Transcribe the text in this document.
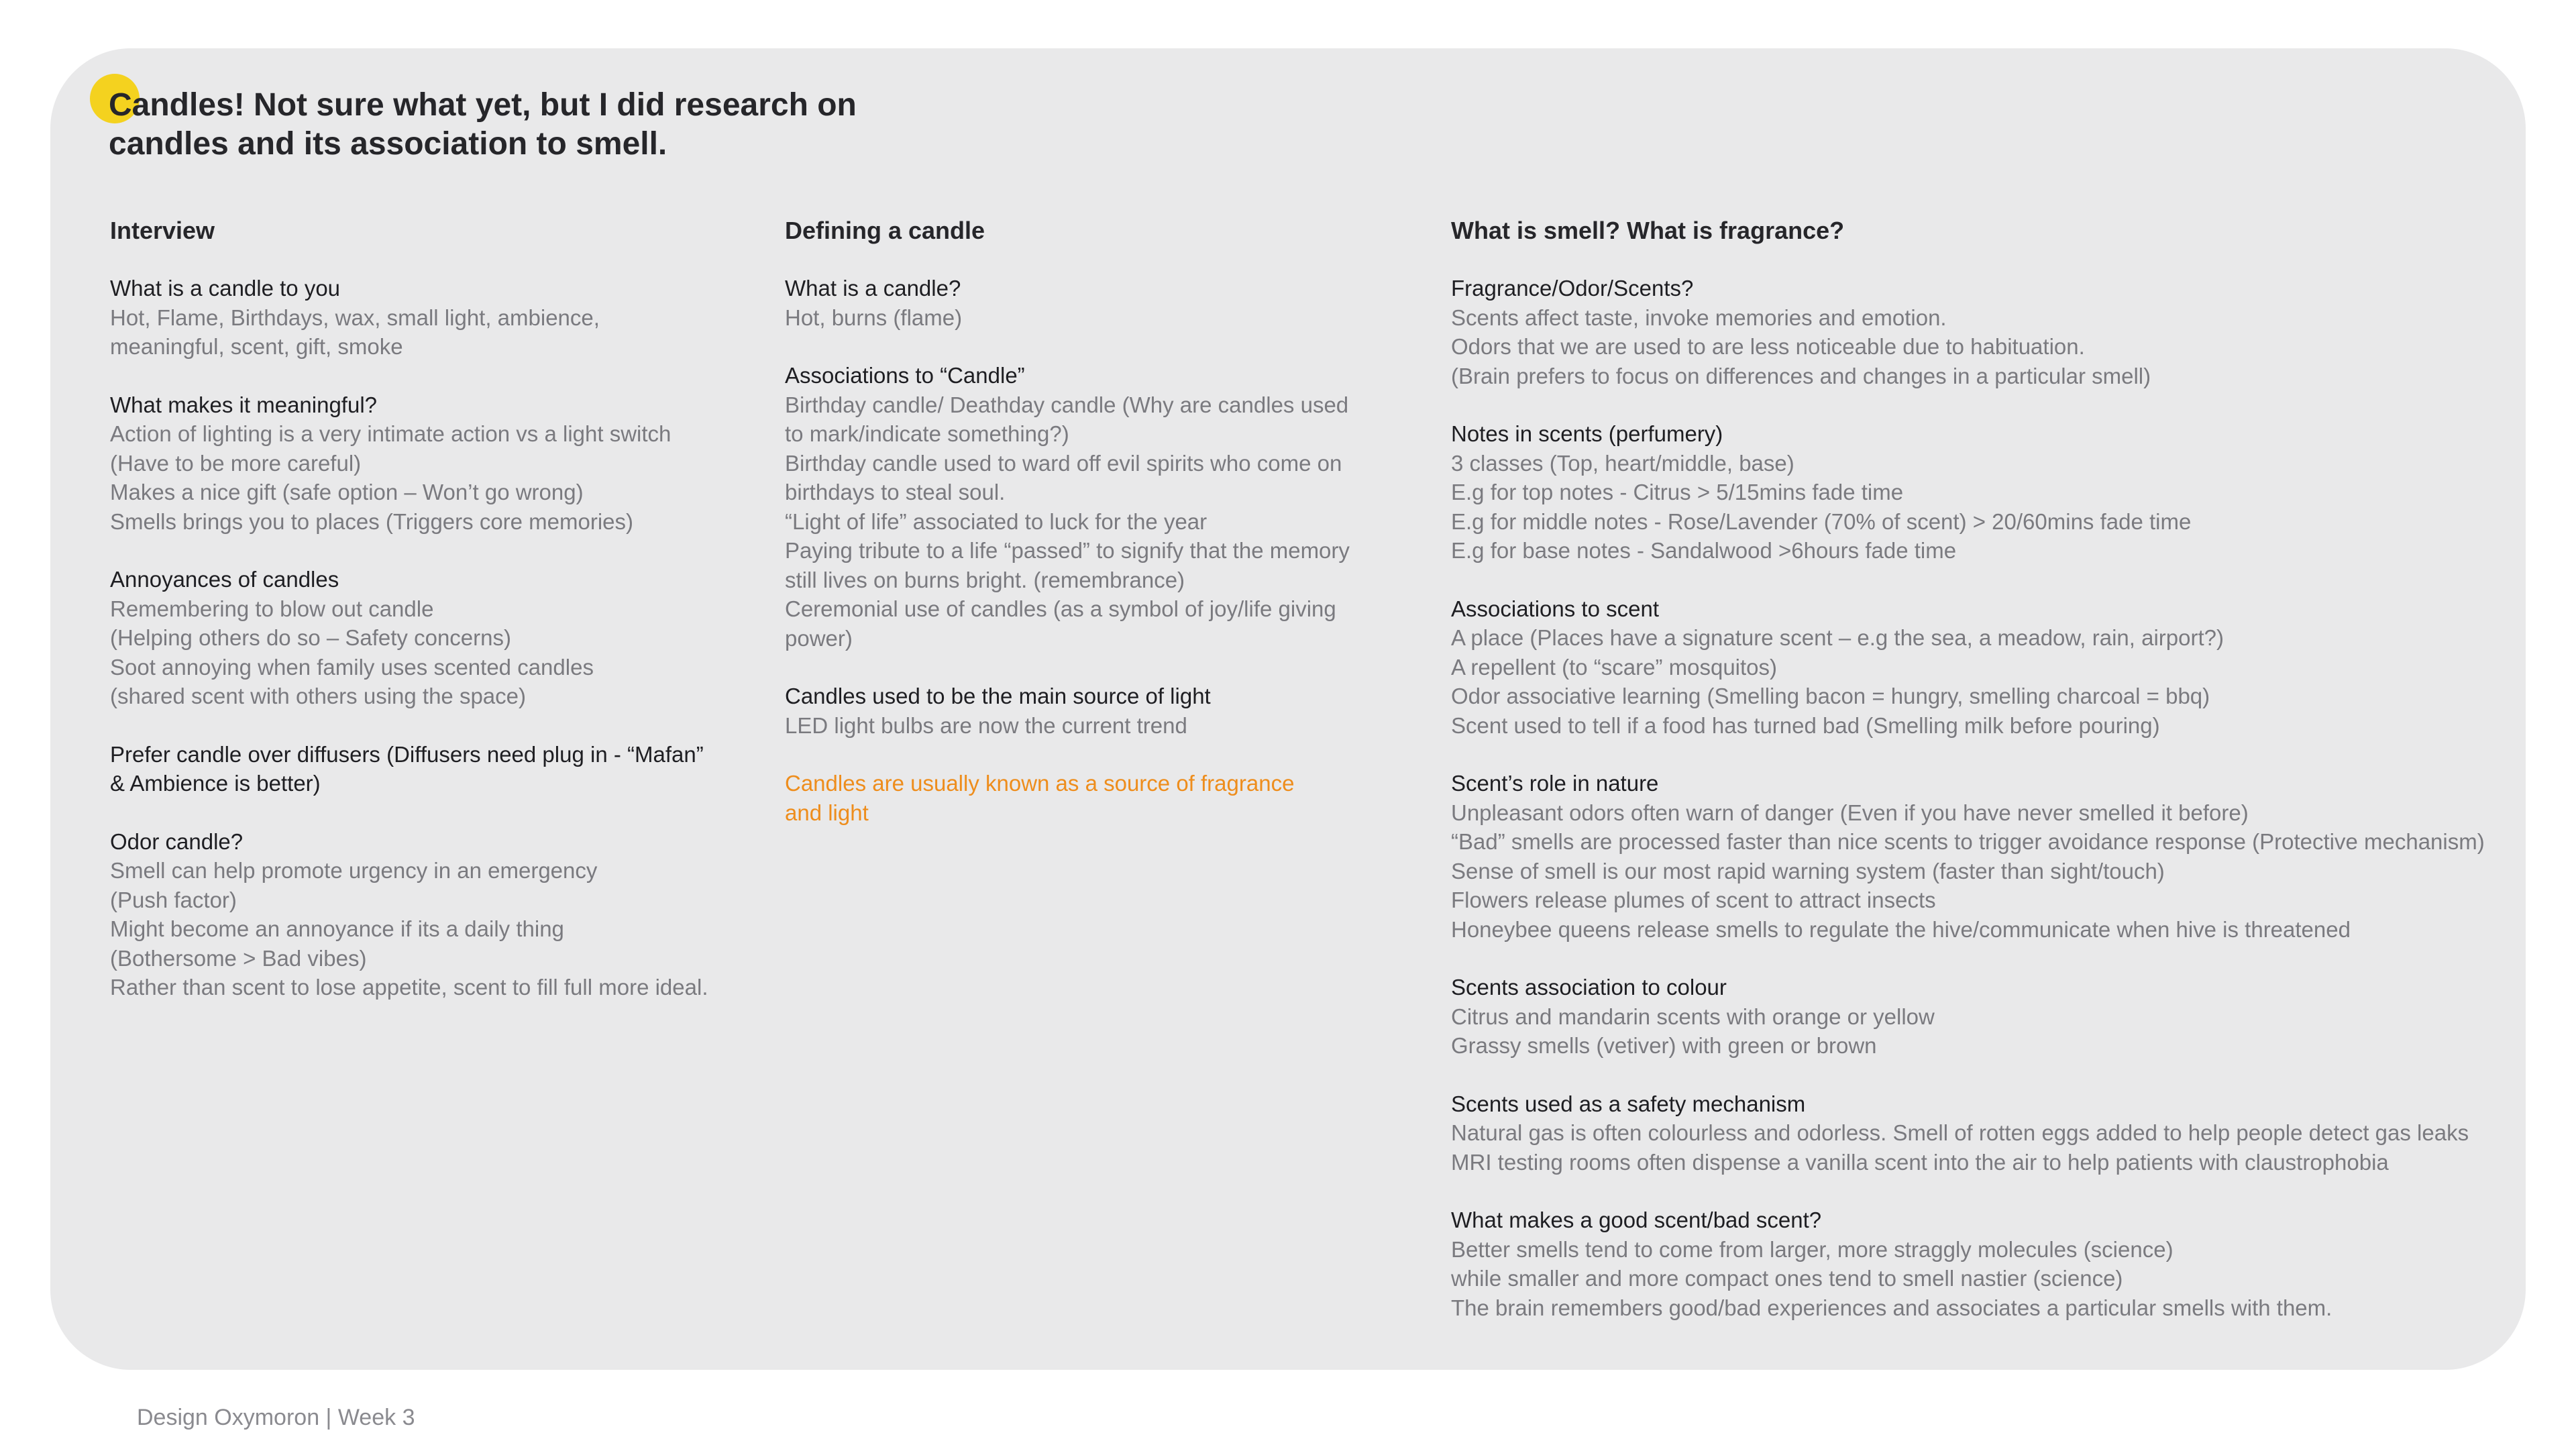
Candles! Not sure what yet, but I did research on
candles and its association to smell.
Interview
What is a candle to you
Hot, Flame, Birthdays, wax, small light, ambience,
meaningful, scent, gift, smoke
What makes it meaningful?
Action of lighting is a very intimate action vs a light switch
(Have to be more careful)
Makes a nice gift (safe option – Won’t go wrong)
Smells brings you to places (Triggers core memories)
Annoyances of candles
Remembering to blow out candle
(Helping others do so – Safety concerns)
Soot annoying when family uses scented candles
(shared scent with others using the space)
Prefer candle over diffusers (Diffusers need plug in - “Mafan”
& Ambience is better)
Odor candle?
Smell can help promote urgency in an emergency
(Push factor)
Might become an annoyance if its a daily thing
(Bothersome > Bad vibes)
Rather than scent to lose appetite, scent to fill full more ideal.
Defining a candle
What is a candle?
Hot, burns (flame)
Associations to “Candle”
Birthday candle/ Deathday candle (Why are candles used
to mark/indicate something?)
Birthday candle used to ward off evil spirits who come on
birthdays to steal soul.
“Light of life” associated to luck for the year
Paying tribute to a life “passed” to signify that the memory
still lives on burns bright. (remembrance)
Ceremonial use of candles (as a symbol of joy/life giving
power)
Candles used to be the main source of light
LED light bulbs are now the current trend
Candles are usually known as a source of fragrance
and light
What is smell? What is fragrance?
Fragrance/Odor/Scents?
Scents affect taste, invoke memories and emotion.
Odors that we are used to are less noticeable due to habituation.
(Brain prefers to focus on differences and changes in a particular smell)
Notes in scents (perfumery)
3 classes (Top, heart/middle, base)
E.g for top notes - Citrus > 5/15mins fade time
E.g for middle notes - Rose/Lavender (70% of scent) > 20/60mins fade time
E.g for base notes - Sandalwood >6hours fade time
Associations to scent
A place (Places have a signature scent – e.g the sea, a meadow, rain, airport?)
A repellent (to “scare” mosquitos)
Odor associative learning (Smelling bacon = hungry, smelling charcoal = bbq)
Scent used to tell if a food has turned bad (Smelling milk before pouring)
Scent’s role in nature
Unpleasant odors often warn of danger (Even if you have never smelled it before)
“Bad” smells are processed faster than nice scents to trigger avoidance response (Protective mechanism)
Sense of smell is our most rapid warning system (faster than sight/touch)
Flowers release plumes of scent to attract insects
Honeybee queens release smells to regulate the hive/communicate when hive is threatened
Scents association to colour
Citrus and mandarin scents with orange or yellow
Grassy smells (vetiver) with green or brown
Scents used as a safety mechanism
Natural gas is often colourless and odorless. Smell of rotten eggs added to help people detect gas leaks
MRI testing rooms often dispense a vanilla scent into the air to help patients with claustrophobia
What makes a good scent/bad scent?
Better smells tend to come from larger, more straggly molecules (science)
while smaller and more compact ones tend to smell nastier (science)
The brain remembers good/bad experiences and associates a particular smells with them.
Design Oxymoron | Week 3
